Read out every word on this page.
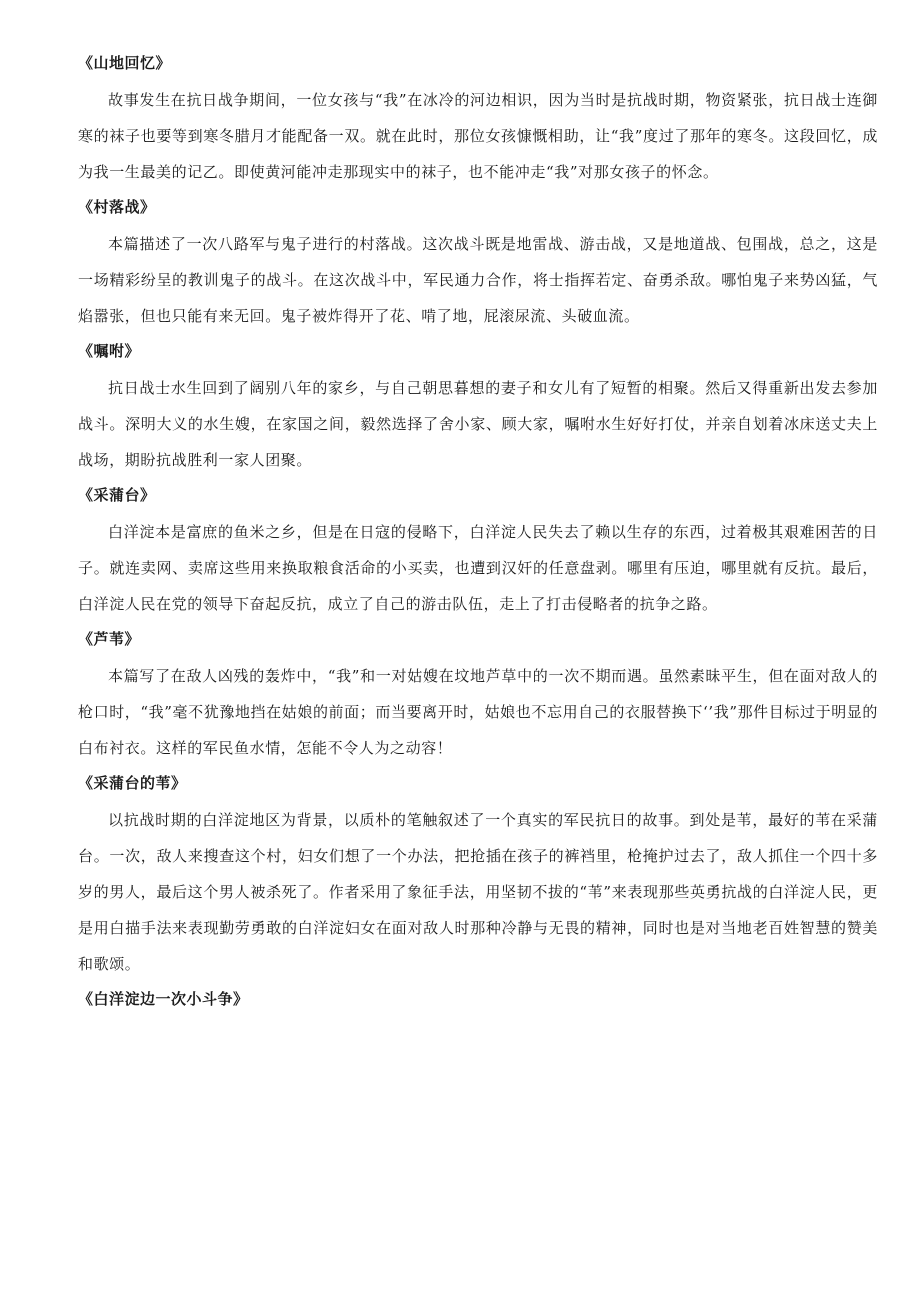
《山地回忆》

故事发生在抗日战争期间，一位女孩与“我”在冰冷的河边相识，因为当时是抗战时期，物资紧张，抗日战士连御寒的袜子也要等到寒冬腊月才能配备一双。就在此时，那位女孩慷慨相助，让“我”度过了那年的寒冬。这段回忆，成为我一生最美的记乙。即使黄河能冲走那现实中的袜子，也不能冲走“我”对那女孩子的怀念。

《村落战》

本篇描述了一次八路军与鬼子进行的村落战。这次战斗既是地雷战、游击战，又是地道战、包围战，总之，这是一场精彩纷呈的教训鬼子的战斗。在这次战斗中，军民通力合作，将士指挥若定、奋勇杀敌。哪怕鬼子来势凶猛，气焰嚣张，但也只能有来无回。鬼子被炸得开了花、啃了地，屁滚尿流、头破血流。

《嘱咐》

抗日战士水生回到了阔别八年的家乡，与自己朝思暮想的妻子和女儿有了短暂的相聚。然后又得重新出发去参加战斗。深明大义的水生嫂，在家国之间，毅然选择了舍小家、顾大家，嘱咐水生好好打仗，并亲自划着冰床送丈夫上战场，期盼抗战胜利一家人团聚。

《采蒲台》

白洋淀本是富庶的鱼米之乡，但是在日寇的侵略下，白洋淀人民失去了赖以生存的东西，过着极其艰难困苦的日子。就连卖网、卖席这些用来换取粮食活命的小买卖，也遭到汉奸的任意盘剥。哪里有压迫，哪里就有反抗。最后，白洋淀人民在党的领导下奋起反抗，成立了自己的游击队伍，走上了打击侵略者的抗争之路。

《芦苇》

本篇写了在敌人凶残的轰炸中，“我”和一对姑嫂在坟地芦草中的一次不期而遇。虽然素昧平生，但在面对敌人的枪口时，“我”毫不犹豫地挡在姑娘的前面；而当要离开时，姑娘也不忘用自己的衣服替换下‘’我”那件目标过于明显的白布衬衣。这样的军民鱼水情，怎能不令人为之动容！

《采蒲台的苇》

以抗战时期的白洋淀地区为背景，以质朴的笔触叙述了一个真实的军民抗日的故事。到处是苇，最好的苇在采蒲台。一次，敌人来搜查这个村，妇女们想了一个办法，把抢插在孩子的裤裆里，枪掩护过去了，敌人抓住一个四十多岁的男人，最后这个男人被杀死了。作者采用了象征手法，用坚韧不拔的“苇”来表现那些英勇抗战的白洋淀人民，更是用白描手法来表现勤劳勇敢的白洋淀妇女在面对敌人时那种冷静与无畏的精神，同时也是对当地老百姓智慧的赞美和歌颂。

《白洋淀边一次小斗争》
